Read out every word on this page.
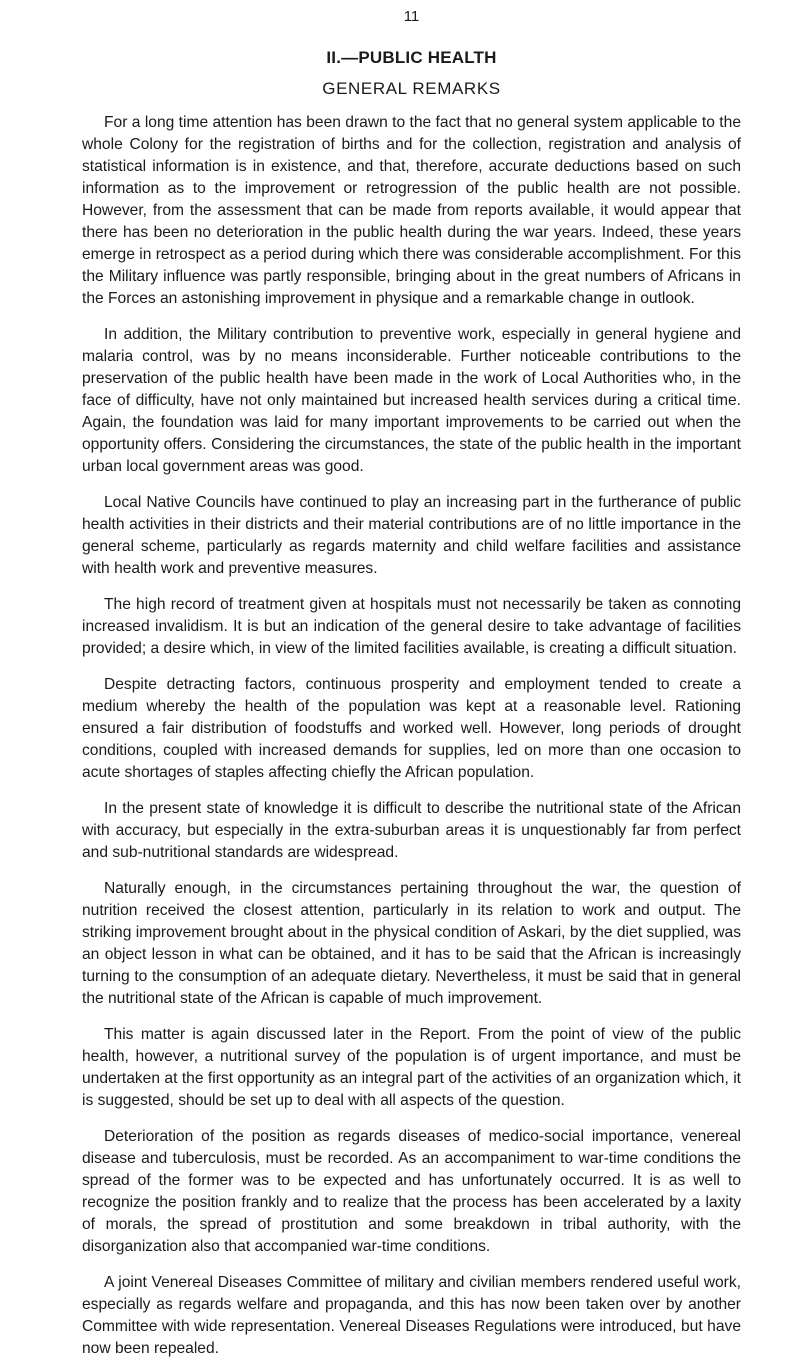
11
II.—PUBLIC HEALTH
GENERAL REMARKS

For a long time attention has been drawn to the fact that no general system applicable to the whole Colony for the registration of births and for the collection, registration and analysis of statistical information is in existence, and that, therefore, accurate deductions based on such information as to the improvement or retrogression of the public health are not possible. However, from the assessment that can be made from reports available, it would appear that there has been no deterioration in the public health during the war years. Indeed, these years emerge in retrospect as a period during which there was considerable accomplishment. For this the Military influence was partly responsible, bringing about in the great numbers of Africans in the Forces an astonishing improvement in physique and a remarkable change in outlook.

In addition, the Military contribution to preventive work, especially in general hygiene and malaria control, was by no means inconsiderable. Further noticeable contributions to the preservation of the public health have been made in the work of Local Authorities who, in the face of difficulty, have not only maintained but increased health services during a critical time. Again, the foundation was laid for many important improvements to be carried out when the opportunity offers. Considering the circumstances, the state of the public health in the important urban local government areas was good.

Local Native Councils have continued to play an increasing part in the furtherance of public health activities in their districts and their material contributions are of no little importance in the general scheme, particularly as regards maternity and child welfare facilities and assistance with health work and preventive measures.

The high record of treatment given at hospitals must not necessarily be taken as connoting increased invalidism. It is but an indication of the general desire to take advantage of facilities provided; a desire which, in view of the limited facilities available, is creating a difficult situation.

Despite detracting factors, continuous prosperity and employment tended to create a medium whereby the health of the population was kept at a reasonable level. Rationing ensured a fair distribution of foodstuffs and worked well. However, long periods of drought conditions, coupled with increased demands for supplies, led on more than one occasion to acute shortages of staples affecting chiefly the African population.

In the present state of knowledge it is difficult to describe the nutritional state of the African with accuracy, but especially in the extra-suburban areas it is unquestionably far from perfect and sub-nutritional standards are widespread.

Naturally enough, in the circumstances pertaining throughout the war, the question of nutrition received the closest attention, particularly in its relation to work and output. The striking improvement brought about in the physical condition of Askari, by the diet supplied, was an object lesson in what can be obtained, and it has to be said that the African is increasingly turning to the consumption of an adequate dietary. Nevertheless, it must be said that in general the nutritional state of the African is capable of much improvement.

This matter is again discussed later in the Report. From the point of view of the public health, however, a nutritional survey of the population is of urgent importance, and must be undertaken at the first opportunity as an integral part of the activities of an organization which, it is suggested, should be set up to deal with all aspects of the question.

Deterioration of the position as regards diseases of medico-social importance, venereal disease and tuberculosis, must be recorded. As an accompaniment to war-time conditions the spread of the former was to be expected and has unfortunately occurred. It is as well to recognize the position frankly and to realize that the process has been accelerated by a laxity of morals, the spread of prostitution and some breakdown in tribal authority, with the disorganization also that accompanied war-time conditions.

A joint Venereal Diseases Committee of military and civilian members rendered useful work, especially as regards welfare and propaganda, and this has now been taken over by another Committee with wide representation. Venereal Diseases Regulations were introduced, but have now been repealed.
